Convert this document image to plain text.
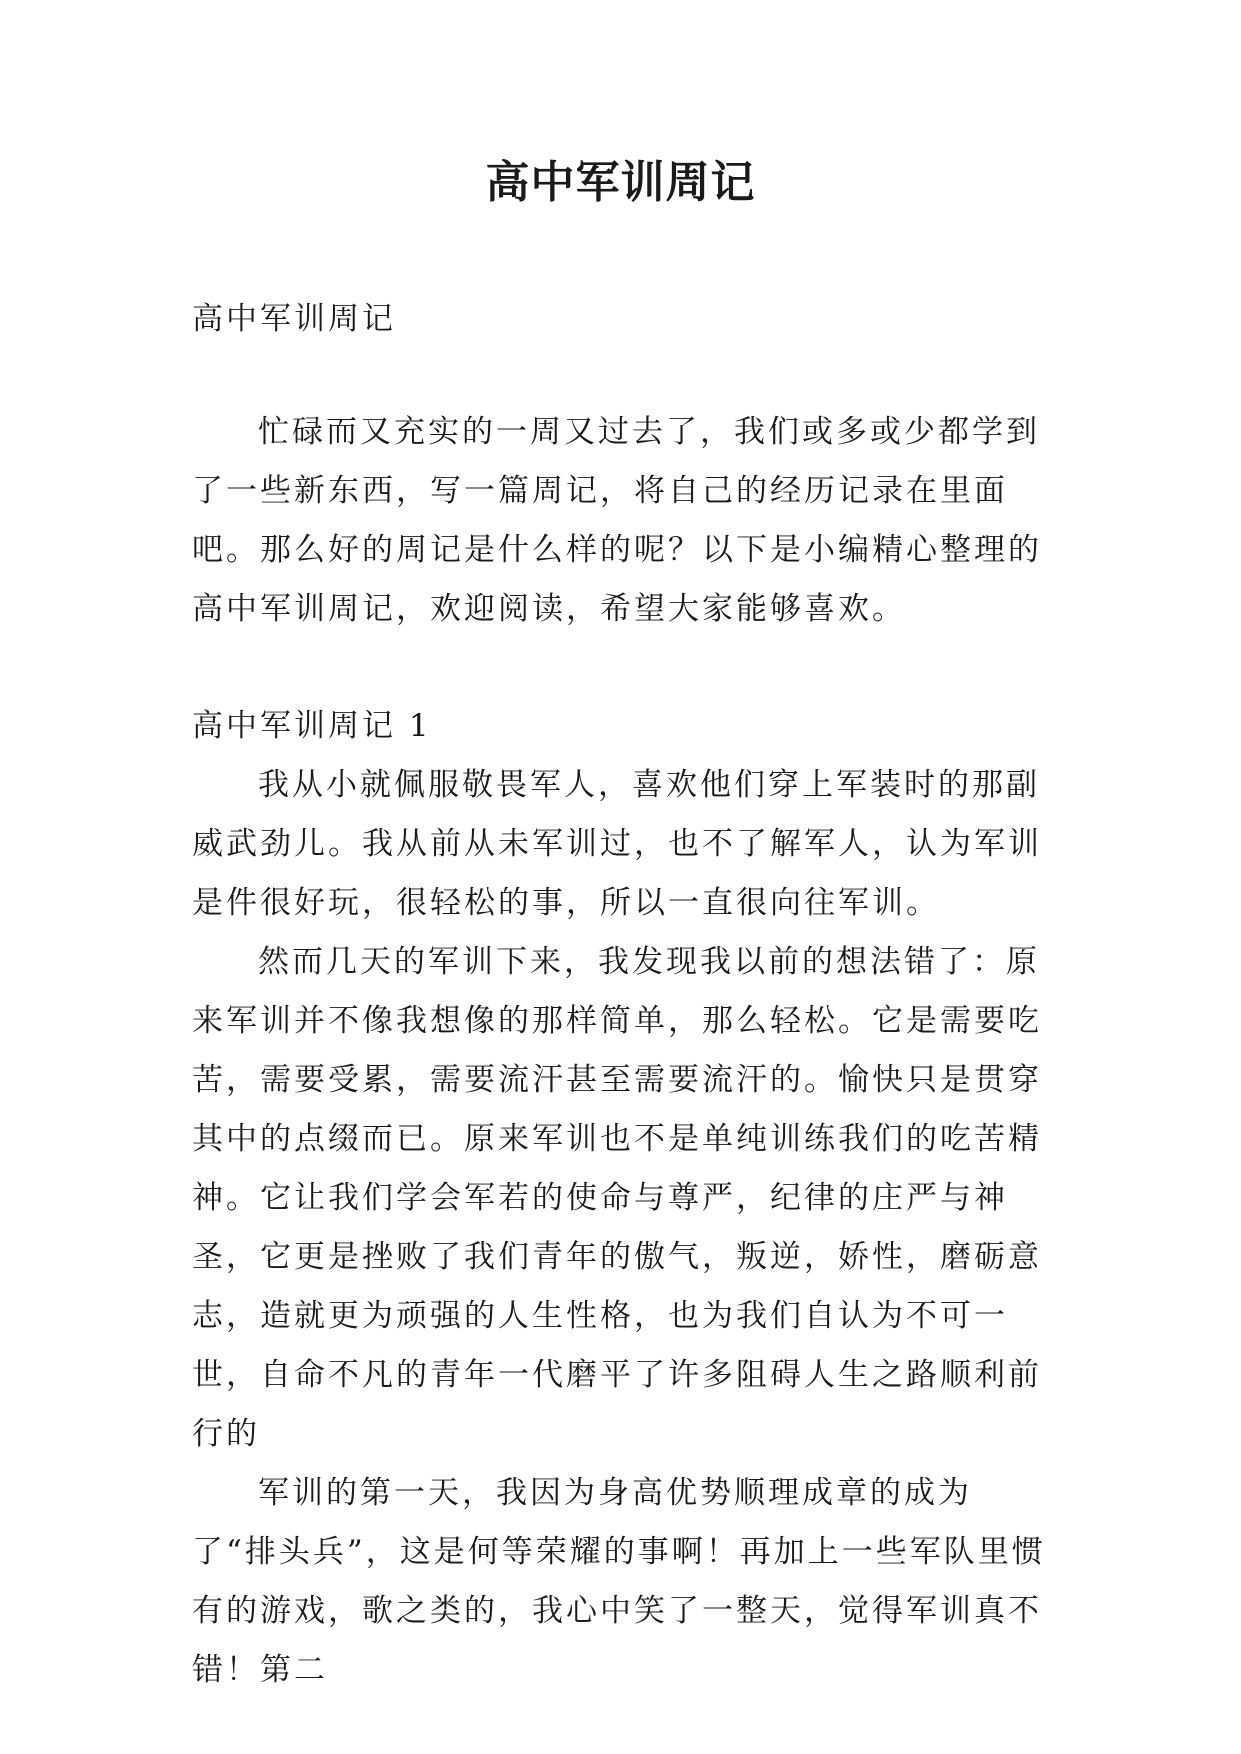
高中军训周记
高中军训周记

忙碌而又充实的一周又过去了，我们或多或少都学到了一些新东西，写一篇周记，将自己的经历记录在里面吧。那么好的周记是什么样的呢？以下是小编精心整理的高中军训周记，欢迎阅读，希望大家能够喜欢。

高中军训周记 1

我从小就佩服敬畏军人，喜欢他们穿上军装时的那副威武劲儿。我从前从未军训过，也不了解军人，认为军训是件很好玩，很轻松的事，所以一直很向往军训。

然而几天的军训下来，我发现我以前的想法错了：原来军训并不像我想像的那样简单，那么轻松。它是需要吃苦，需要受累，需要流汗甚至需要流汗的。愉快只是贯穿其中的点缀而已。原来军训也不是单纯训练我们的吃苦精神。它让我们学会军若的使命与尊严，纪律的庄严与神圣，它更是挫败了我们青年的傲气，叛逆，娇性，磨砺意志，造就更为顽强的人生性格，也为我们自认为不可一世，自命不凡的青年一代磨平了许多阻碍人生之路顺利前行的

军训的第一天，我因为身高优势顺理成章的成为了“排头兵”，这是何等荣耀的事啊！再加上一些军队里惯有的游戏，歌之类的，我心中笑了一整天，觉得军训真不错！第二
